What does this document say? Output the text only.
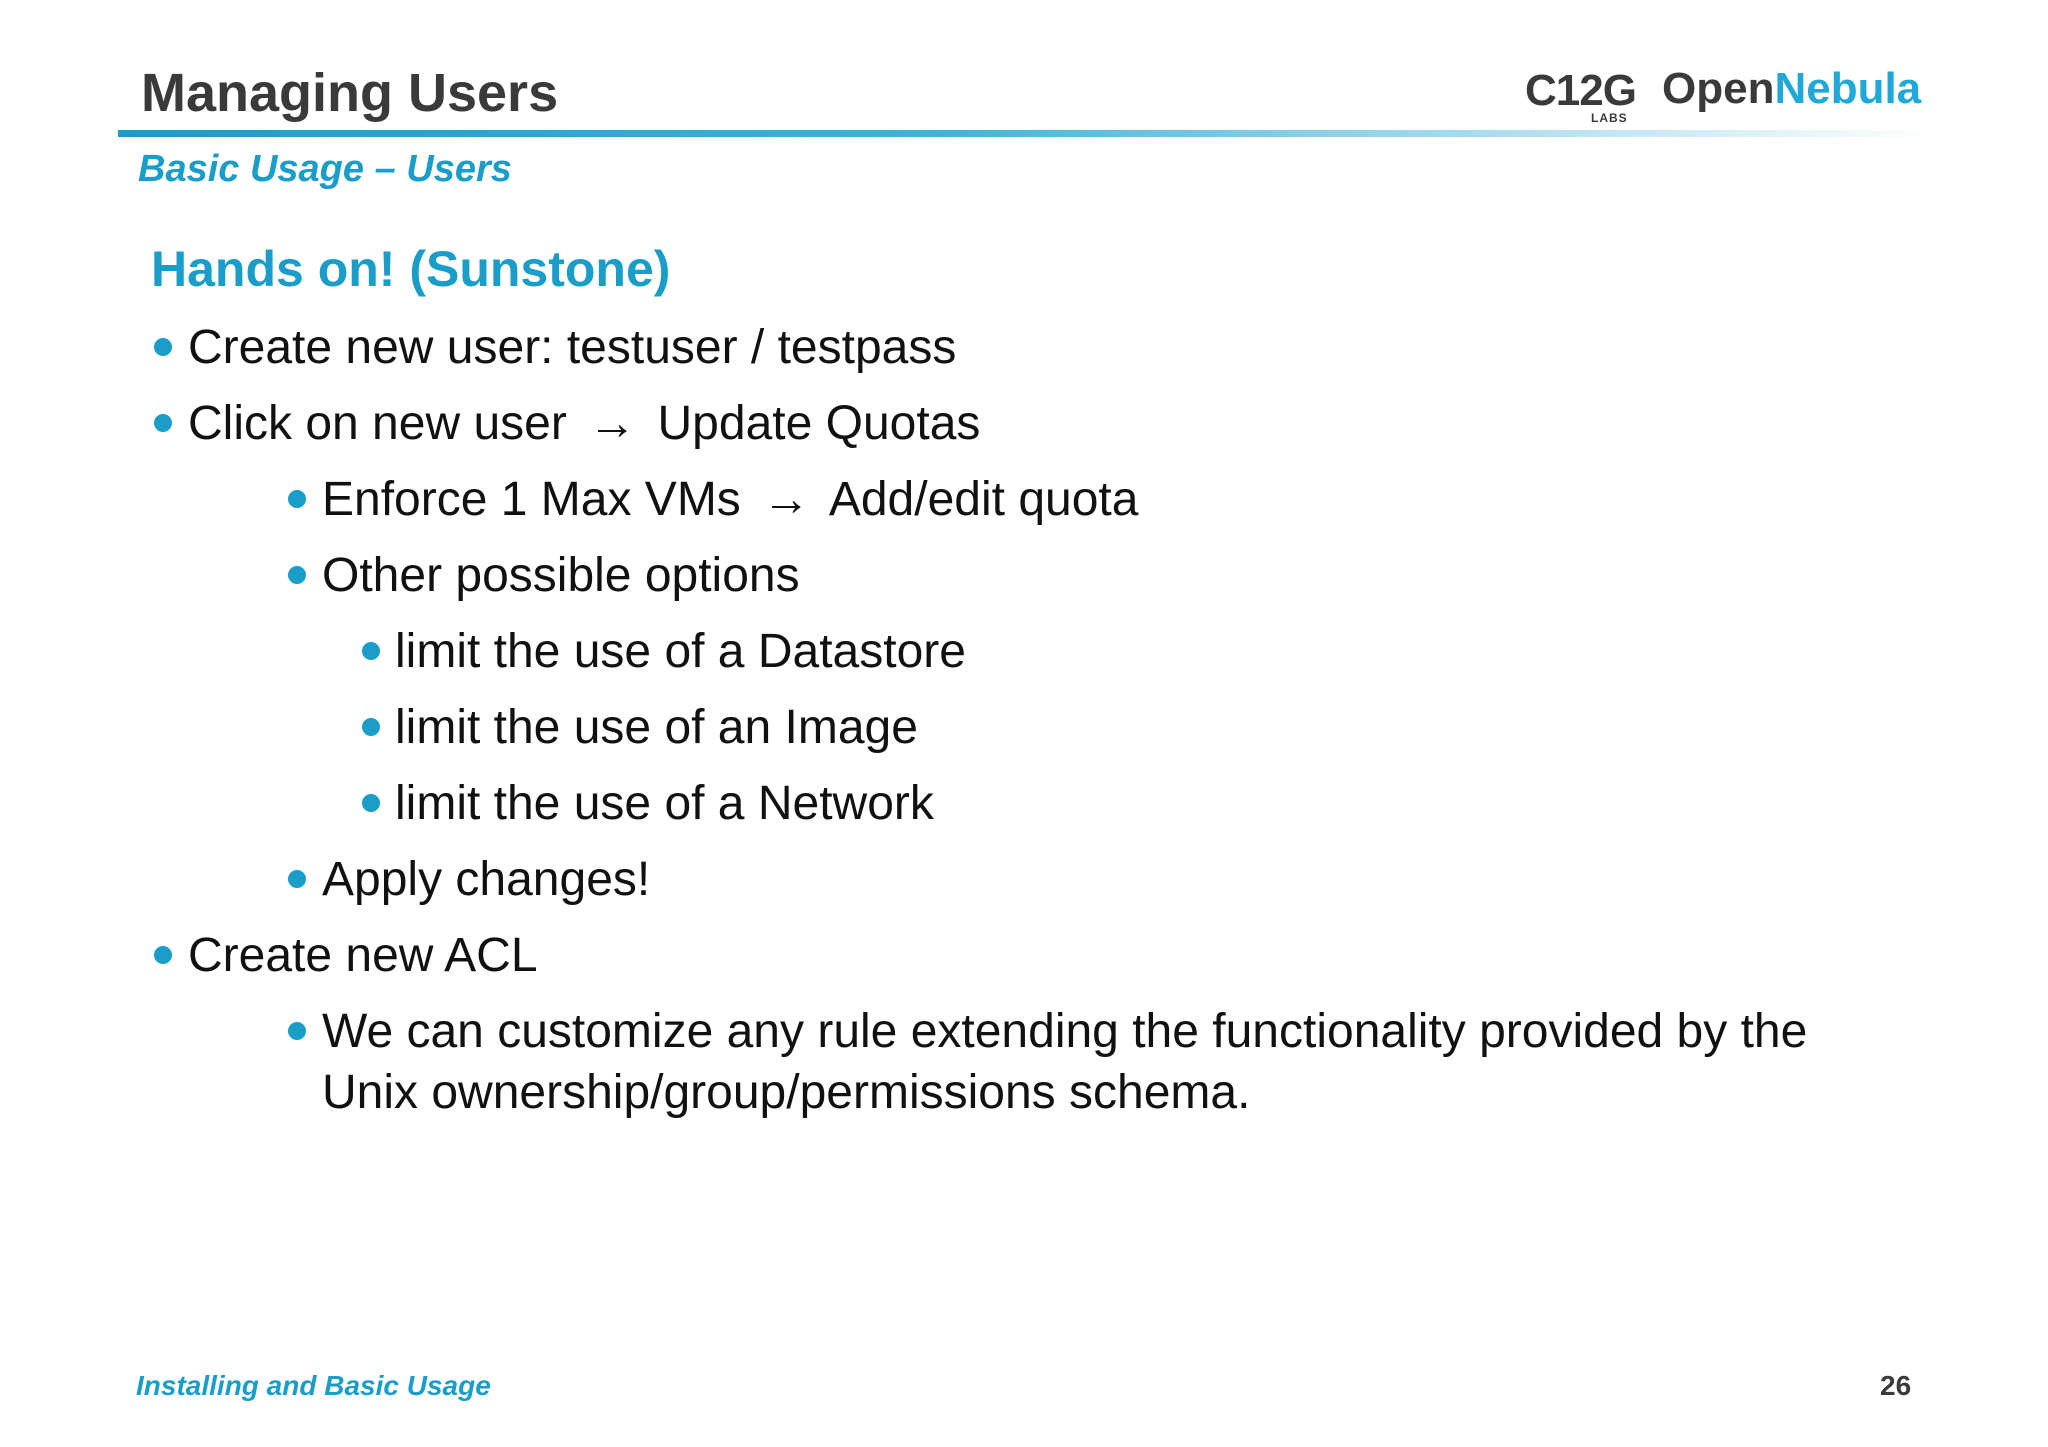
Managing Users	C12G
LABS
OpenNebula
Basic Usage – Users
Hands on! (Sunstone)
Create new user: testuser / testpass
Click on new user → Update Quotas
Enforce 1 Max VMs → Add/edit quota
Other possible options
limit the use of a Datastore
limit the use of an Image
limit the use of a Network
Apply changes!
Create new ACL
We can customize any rule extending the functionality provided by the
Unix ownership/group/permissions schema.
Installing and Basic Usage	26
